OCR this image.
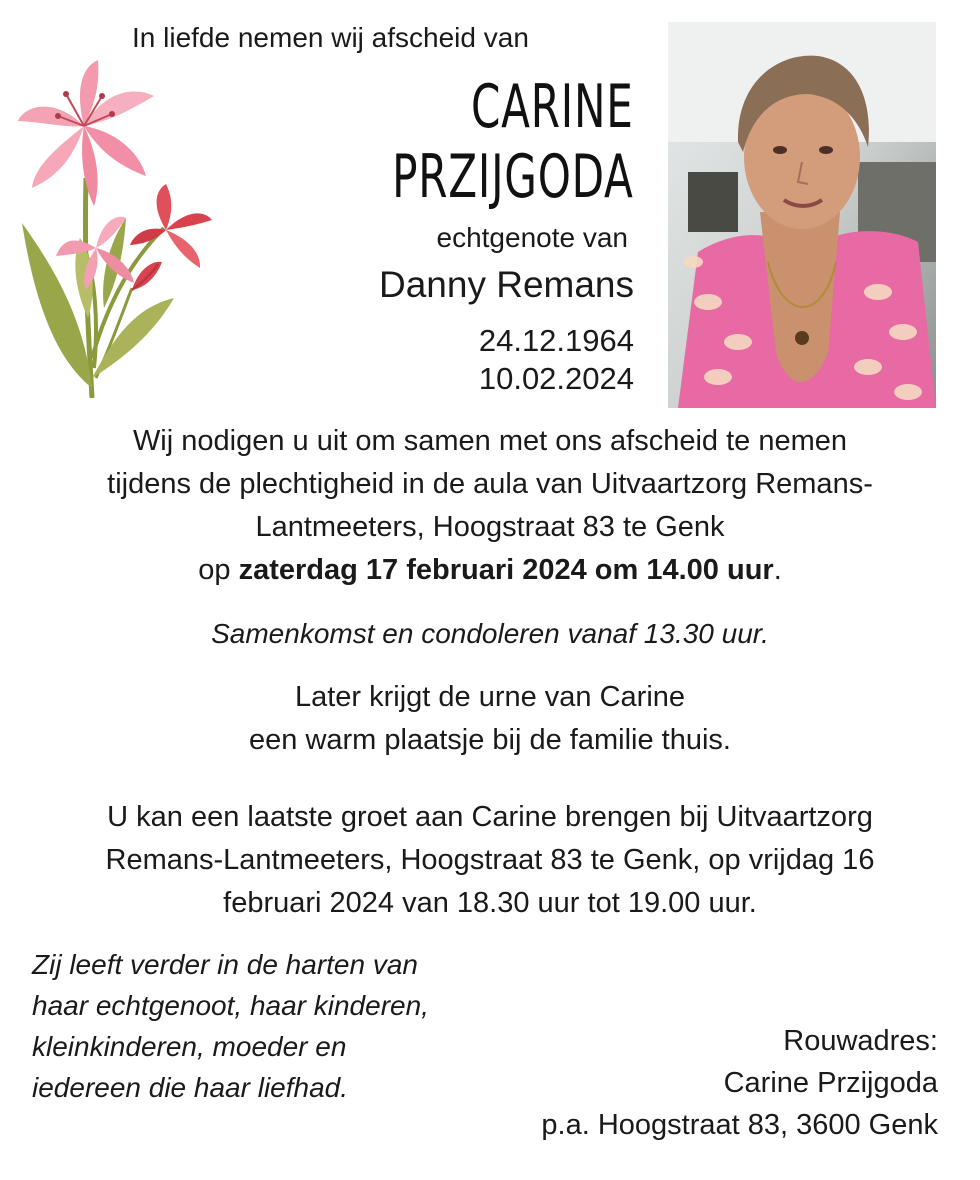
In liefde nemen wij afscheid van
CARINE
PRZIJGODA
echtgenote van
Danny Remans
24.12.1964
10.02.2024
Wij nodigen u uit om samen met ons afscheid te nemen
tijdens de plechtigheid in de aula van Uitvaartzorg Remans-
Lantmeeters, Hoogstraat 83 te Genk
op zaterdag 17 februari 2024 om 14.00 uur.
Samenkomst en condoleren vanaf 13.30 uur.
Later krijgt de urne van Carine
een warm plaatsje bij de familie thuis.
U kan een laatste groet aan Carine brengen bij Uitvaartzorg
Remans-Lantmeeters, Hoogstraat 83 te Genk, op vrijdag 16
februari 2024 van 18.30 uur tot 19.00 uur.
Zij leeft verder in de harten van
haar echtgenoot, haar kinderen,
kleinkinderen, moeder en
iedereen die haar liefhad.
Rouwadres:
Carine Przijgoda
p.a. Hoogstraat 83, 3600 Genk
